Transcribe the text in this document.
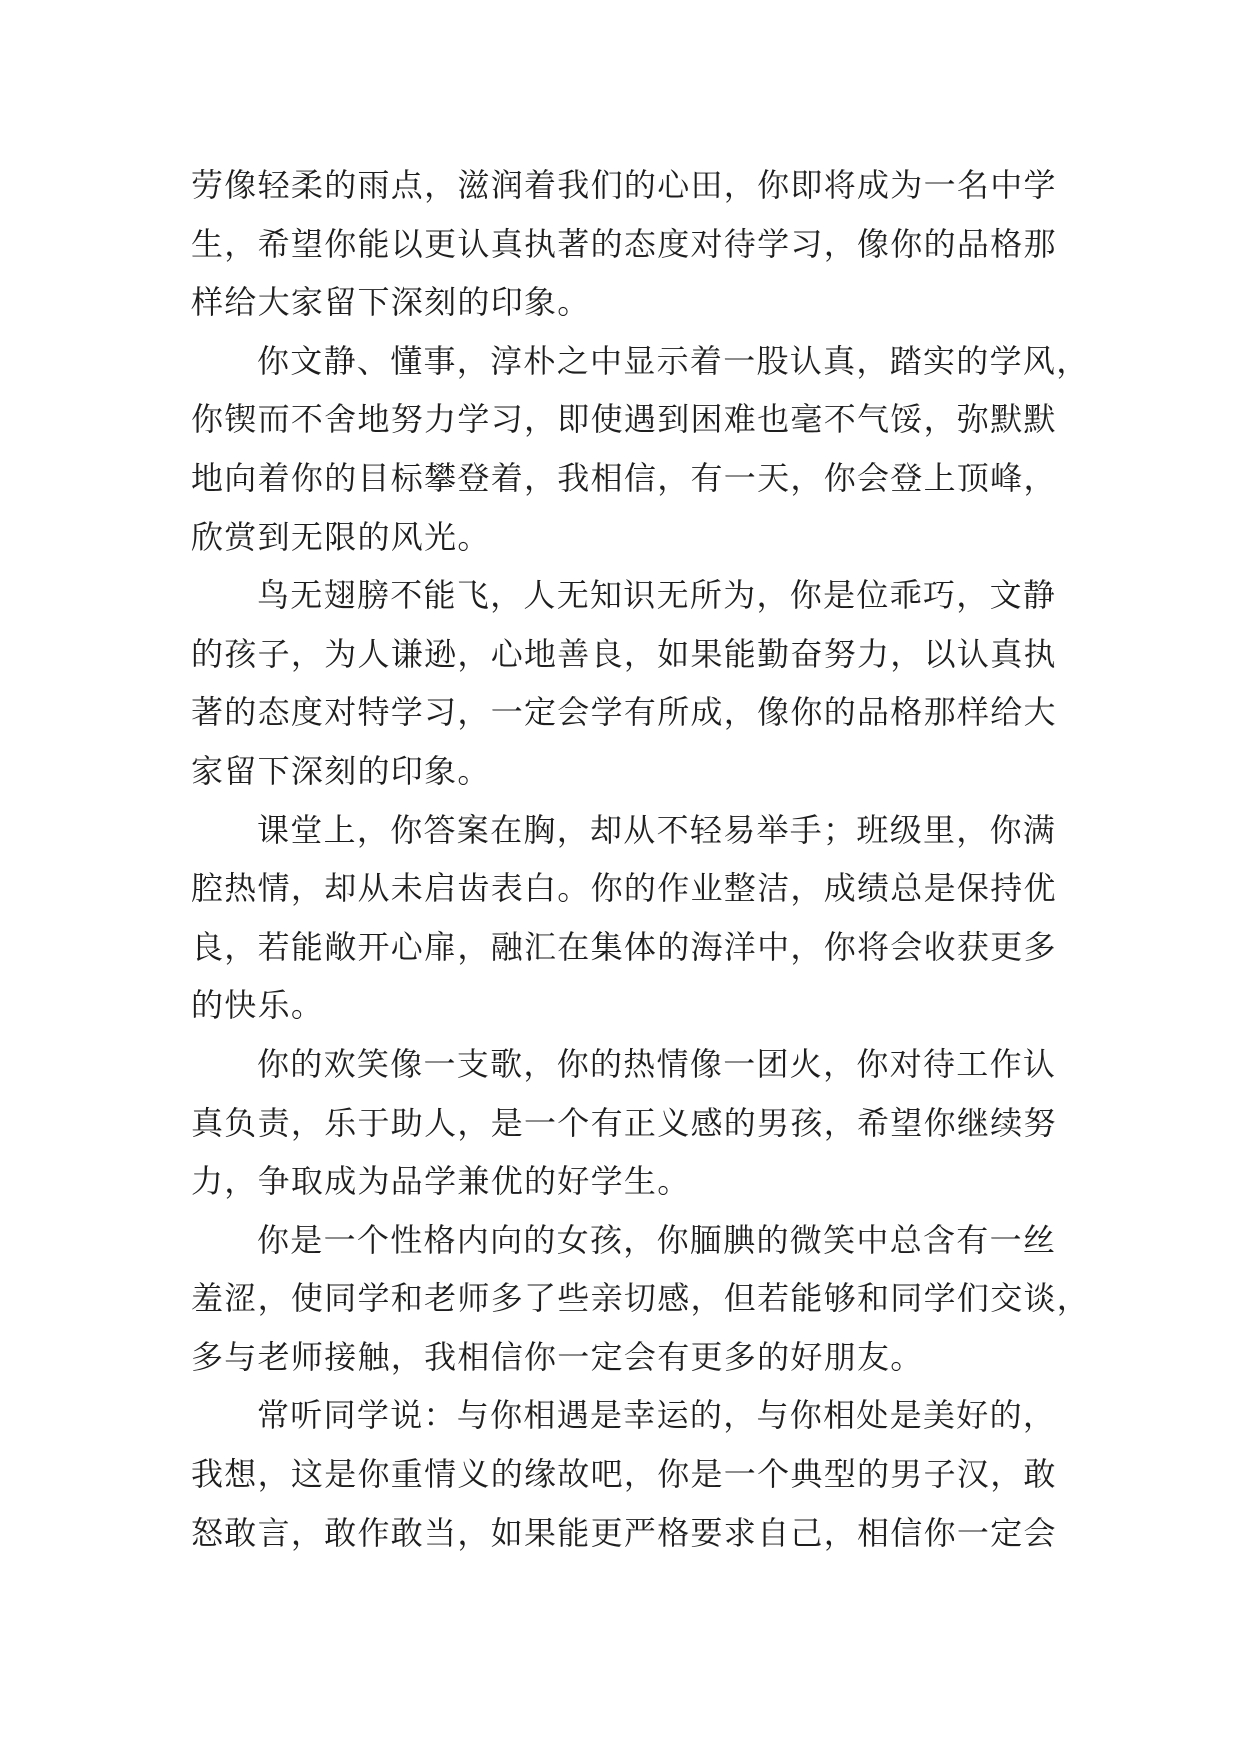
劳像轻柔的雨点，滋润着我们的心田，你即将成为一名中学
生，希望你能以更认真执著的态度对待学习，像你的品格那
样给大家留下深刻的印象。
你文静、懂事，淳朴之中显示着一股认真，踏实的学风，
你锲而不舍地努力学习，即使遇到困难也毫不气馁，弥默默
地向着你的目标攀登着，我相信，有一天，你会登上顶峰，
欣赏到无限的风光。
鸟无翅膀不能飞，人无知识无所为，你是位乖巧，文静
的孩子，为人谦逊，心地善良，如果能勤奋努力，以认真执
著的态度对特学习，一定会学有所成，像你的品格那样给大
家留下深刻的印象。
课堂上，你答案在胸，却从不轻易举手；班级里，你满
腔热情，却从未启齿表白。你的作业整洁，成绩总是保持优
良，若能敞开心扉，融汇在集体的海洋中，你将会收获更多
的快乐。
你的欢笑像一支歌，你的热情像一团火，你对待工作认
真负责，乐于助人，是一个有正义感的男孩，希望你继续努
力，争取成为品学兼优的好学生。
你是一个性格内向的女孩，你腼腆的微笑中总含有一丝
羞涩，使同学和老师多了些亲切感，但若能够和同学们交谈，
多与老师接触，我相信你一定会有更多的好朋友。
常听同学说：与你相遇是幸运的，与你相处是美好的，
我想，这是你重情义的缘故吧，你是一个典型的男子汉，敢
怒敢言，敢作敢当，如果能更严格要求自己，相信你一定会
